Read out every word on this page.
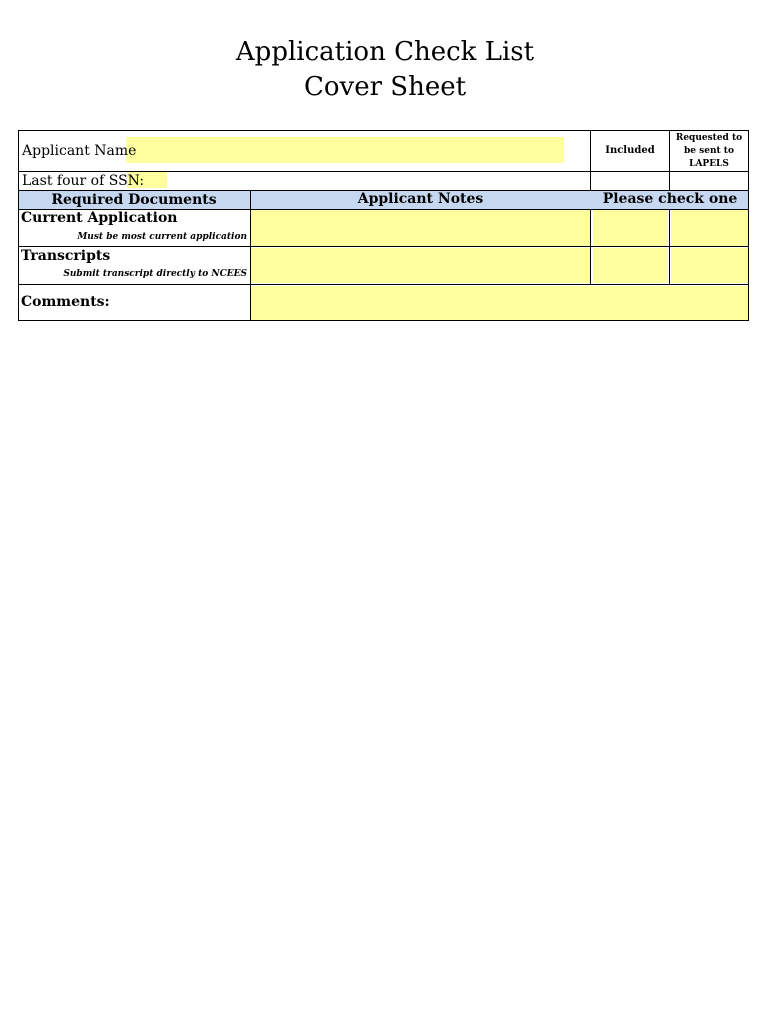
Application Check List
Cover Sheet
Applicant Name
Last four of SSN:
Included
Requested to
be sent to
LAPELS
Required Documents	Applicant Notes	Please check one
Current Application
Must be most current application
Transcripts
Submit transcript directly to NCEES
Comments:
